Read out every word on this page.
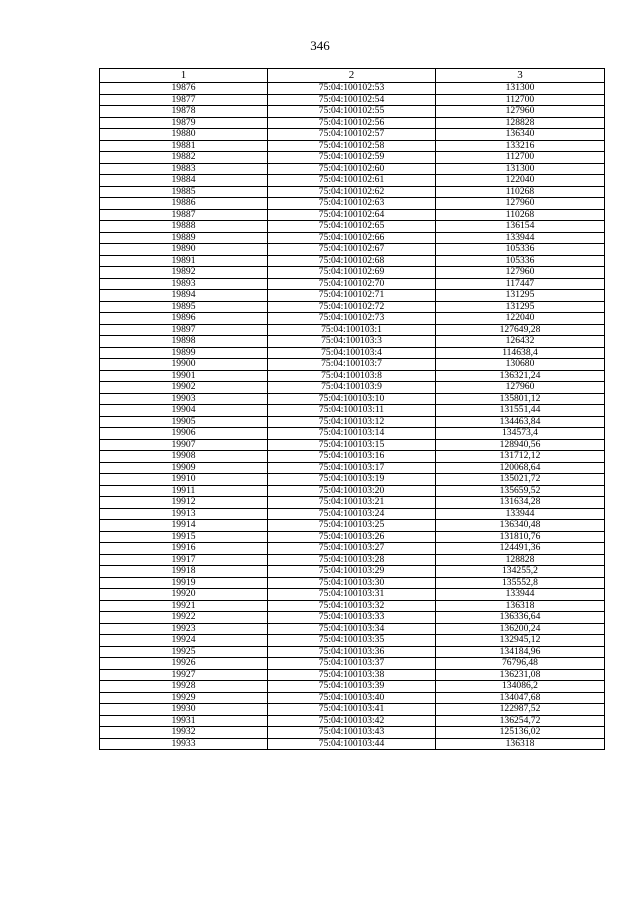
346
1	2	3
19876	75:04:100102:53	131300
19877	75:04:100102:54	112700
19878	75:04:100102:55	127960
19879	75:04:100102:56	128828
19880	75:04:100102:57	136340
19881	75:04:100102:58	133216
19882	75:04:100102:59	112700
19883	75:04:100102:60	131300
19884	75:04:100102:61	122040
19885	75:04:100102:62	110268
19886	75:04:100102:63	127960
19887	75:04:100102:64	110268
19888	75:04:100102:65	136154
19889	75:04:100102:66	133944
19890	75:04:100102:67	105336
19891	75:04:100102:68	105336
19892	75:04:100102:69	127960
19893	75:04:100102:70	117447
19894	75:04:100102:71	131295
19895	75:04:100102:72	131295
19896	75:04:100102:73	122040
19897	75:04:100103:1	127649,28
19898	75:04:100103:3	126432
19899	75:04:100103:4	114638,4
19900	75:04:100103:7	130680
19901	75:04:100103:8	136321,24
19902	75:04:100103:9	127960
19903	75:04:100103:10	135801,12
19904	75:04:100103:11	131551,44
19905	75:04:100103:12	134463,84
19906	75:04:100103:14	134573,4
19907	75:04:100103:15	128940,56
19908	75:04:100103:16	131712,12
19909	75:04:100103:17	120068,64
19910	75:04:100103:19	135021,72
19911	75:04:100103:20	135659,52
19912	75:04:100103:21	131634,28
19913	75:04:100103:24	133944
19914	75:04:100103:25	136340,48
19915	75:04:100103:26	131810,76
19916	75:04:100103:27	124491,36
19917	75:04:100103:28	128828
19918	75:04:100103:29	134255,2
19919	75:04:100103:30	135552,8
19920	75:04:100103:31	133944
19921	75:04:100103:32	136318
19922	75:04:100103:33	136336,64
19923	75:04:100103:34	136200,24
19924	75:04:100103:35	132945,12
19925	75:04:100103:36	134184,96
19926	75:04:100103:37	76796,48
19927	75:04:100103:38	136231,08
19928	75:04:100103:39	134086,2
19929	75:04:100103:40	134047,68
19930	75:04:100103:41	122987,52
19931	75:04:100103:42	136254,72
19932	75:04:100103:43	125136,02
19933	75:04:100103:44	136318
